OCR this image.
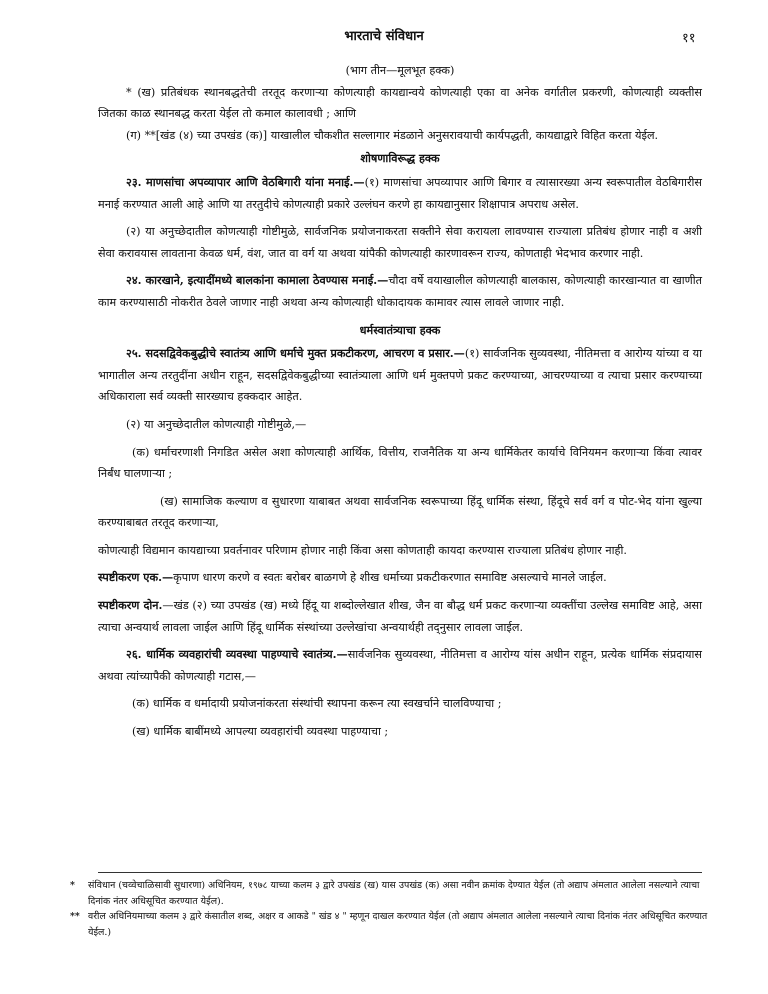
भारताचे संविधान	११

(भाग तीन—मूलभूत हक्क)

* (ख) प्रतिबंधक स्थानबद्धतेची तरतूद करणाऱ्या कोणत्याही कायद्यान्वये कोणत्याही एका वा अनेक वर्गातील प्रकरणी, कोणत्याही व्यक्तीस जितका काळ स्थानबद्ध करता येईल तो कमाल कालावधी ; आणि

(ग) **[खंड (४) च्या उपखंड (क)] याखालील चौकशीत सल्लागार मंडळाने अनुसरावयाची कार्यपद्धती, कायद्याद्वारे विहित करता येईल.

शोषणाविरूद्ध हक्क

२३. माणसांचा अपव्यापार आणि वेठबिगारी यांना मनाई.—(१) माणसांचा अपव्यापार आणि बिगार व त्यासारख्या अन्य स्वरूपातील वेठबिगारीस मनाई करण्यात आली आहे आणि या तरतुदीचे कोणत्याही प्रकारे उल्लंघन करणे हा कायद्यानुसार शिक्षापात्र अपराध असेल.

(२) या अनुच्छेदातील कोणत्याही गोष्टीमुळे, सार्वजनिक प्रयोजनाकरता सक्तीने सेवा करायला लावण्यास राज्याला प्रतिबंध होणार नाही व अशी सेवा करावयास लावताना केवळ धर्म, वंश, जात वा वर्ग या अथवा यांपैकी कोणत्याही कारणावरून राज्य, कोणताही भेदभाव करणार नाही.

२४. कारखाने, इत्यादींमध्ये बालकांना कामाला ठेवण्यास मनाई.—चौदा वर्षे वयाखालील कोणत्याही बालकास, कोणत्याही कारखान्यात वा खाणीत काम करण्यासाठी नोकरीत ठेवले जाणार नाही अथवा अन्य कोणत्याही धोकादायक कामावर त्यास लावले जाणार नाही.

धर्मस्वातंत्र्याचा हक्क

२५. सदसद्विवेकबुद्धीचे स्वातंत्र्य आणि धर्माचे मुक्त प्रकटीकरण, आचरण व प्रसार.—(१) सार्वजनिक सुव्यवस्था, नीतिमत्ता व आरोग्य यांच्या व या भागातील अन्य तरतुदींना अधीन राहून, सदसद्विवेकबुद्धीच्या स्वातंत्र्याला आणि धर्म मुक्तपणे प्रकट करण्याच्या, आचरण्याच्या व त्याचा प्रसार करण्याच्या अधिकाराला सर्व व्यक्ती सारख्याच हक्कदार आहेत.

(२) या अनुच्छेदातील कोणत्याही गोष्टीमुळे,—

(क) धर्माचरणाशी निगडित असेल अशा कोणत्याही आर्थिक, वित्तीय, राजनैतिक या अन्य धार्मिकेतर कार्याचे विनियमन करणाऱ्या किंवा त्यावर निर्बंध घालणाऱ्या ;

(ख) सामाजिक कल्याण व सुधारणा याबाबत अथवा सार्वजनिक स्वरूपाच्या हिंदू धार्मिक संस्था, हिंदूचे सर्व वर्ग व पोट-भेद यांना खुल्या करण्याबाबत तरतूद करणाऱ्या,

कोणत्याही विद्यमान कायद्याच्या प्रवर्तनावर परिणाम होणार नाही किंवा असा कोणताही कायदा करण्यास राज्याला प्रतिबंध होणार नाही.

स्पष्टीकरण एक.—कृपाण धारण करणे व स्वतः बरोबर बाळगणे हे शीख धर्माच्या प्रकटीकरणात समाविष्ट असल्याचे मानले जाईल.

स्पष्टीकरण दोन.—खंड (२) च्या उपखंड (ख) मध्ये हिंदू या शब्दोल्लेखात शीख, जैन वा बौद्ध धर्म प्रकट करणाऱ्या व्यक्तींचा उल्लेख समाविष्ट आहे, असा त्याचा अन्वयार्थ लावला जाईल आणि हिंदू धार्मिक संस्थांच्या उल्लेखांचा अन्वयार्थही तद्नुसार लावला जाईल.

२६. धार्मिक व्यवहारांची व्यवस्था पाहण्याचे स्वातंत्र्य.—सार्वजनिक सुव्यवस्था, नीतिमत्ता व आरोग्य यांस अधीन राहून, प्रत्येक धार्मिक संप्रदायास अथवा त्यांच्यापैकी कोणत्याही गटास,—

(क) धार्मिक व धर्मादायी प्रयोजनांकरता संस्थांची स्थापना करून त्या स्वखर्चाने चालविण्याचा ;

(ख) धार्मिक बाबींमध्ये आपल्या व्यवहारांची व्यवस्था पाहण्याचा ;

* संविधान (चव्वेचाळिसावी सुधारणा) अधिनियम, १९७८ याच्या कलम ३ द्वारे उपखंड (ख) यास उपखंड (क) असा नवीन क्रमांक देण्यात येईल (तो अद्याप अंमलात आलेला नसल्याने त्याचा दिनांक नंतर अधिसूचित करण्यात येईल).

** वरील अधिनियमाच्या कलम ३ द्वारे कंसातील शब्द, अक्षर व आकडे " खंड ४ " म्हणून दाखल करण्यात येईल (तो अद्याप अंमलात आलेला नसल्याने त्याचा दिनांक नंतर अधिसूचित करण्यात येईल.)
